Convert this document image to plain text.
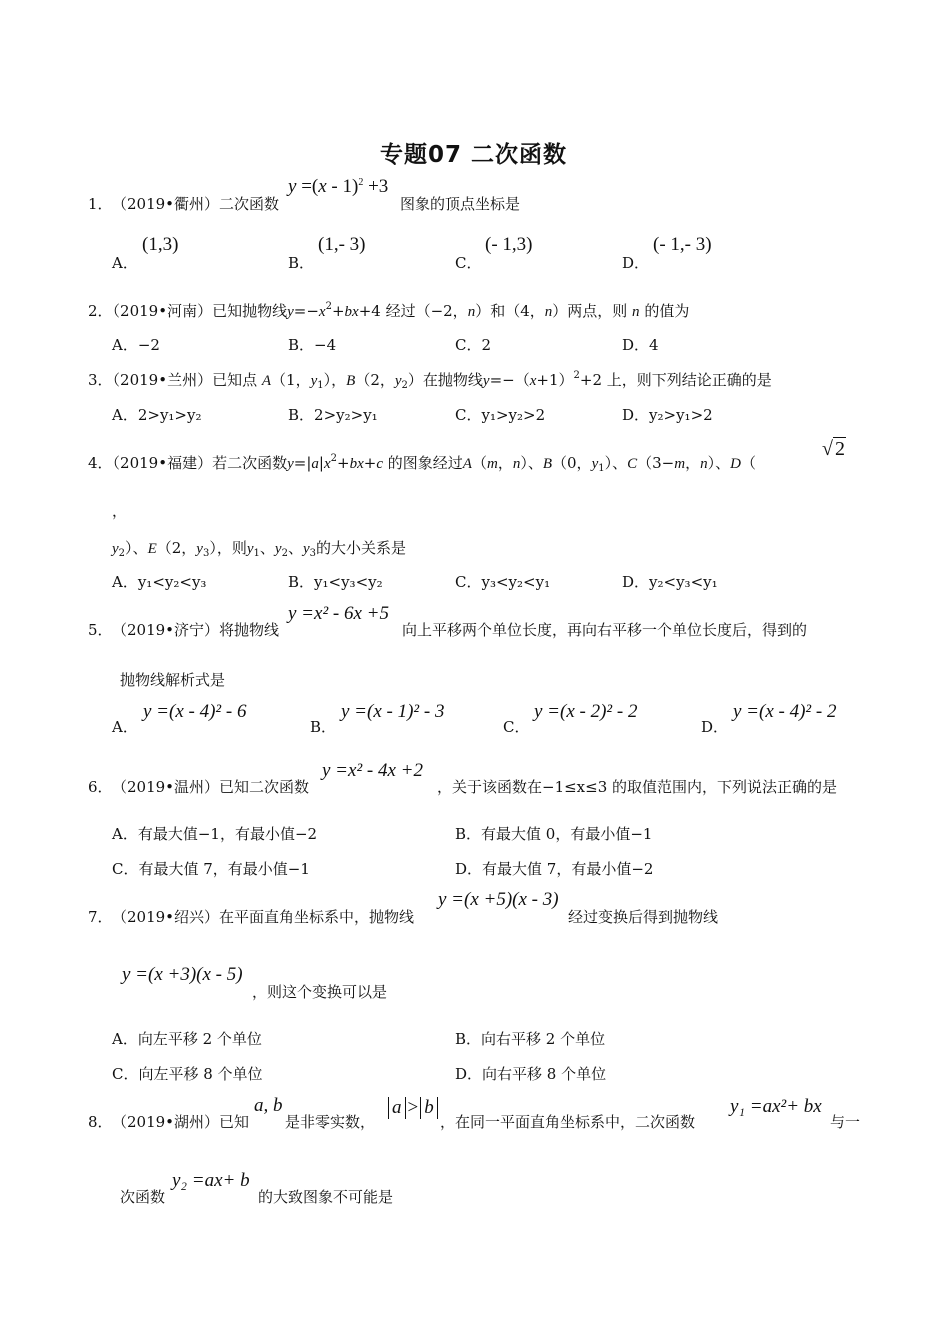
专题07 二次函数
1． （2019•衢州）二次函数
y =(x - 1)$^2$ +3
图象的顶点坐标是
A．
(1,3)
B．
(1,- 3)
C．
(- 1,3)
D．
(- 1,- 3)
2．（2019•河南）已知抛物线$y=-x^2+bx+4$ 经过（−2，n）和（4，n）两点，则 n 的值为
A．−2	B．−4	C．2	D．4
3．（2019•兰州）已知点 A（1，$y_1$），B（2，$y_2$）在抛物线$y=-(x+1)^2+2$ 上，则下列结论正确的是
A．2>y₁>y₂	B．2>y₂>y₁	C．y₁>y₂>2	D．y₂>y₁>2
4．（2019•福建）若二次函数$y=|a|x^2+bx+c$ 的图象经过A（m，n）、B（0，$y_1$）、C（3−m，n）、D（
√ 2
，
$y_2$）、E（2，$y_3$），则$y_1$、$y_2$、$y_3$的大小关系是
A．y₁<y₂<y₃	B．y₁<y₃<y₂	C．y₃<y₂<y₁	D．y₂<y₃<y₁
5． （2019•济宁）将抛物线
y =x² - 6x +5
向上平移两个单位长度，再向右平移一个单位长度后，得到的
抛物线解析式是
A．
y =(x - 4)² - 6
B．
y =(x - 1)² - 3
C．
y =(x - 2)² - 2
D．
y =(x - 4)² - 2
6． （2019•温州）已知二次函数
y =x² - 4x +2
，关于该函数在−1≤x≤3 的取值范围内，下列说法正确的是
A．有最大值−1，有最小值−2	B．有最大值 0，有最小值−1
C．有最大值 7，有最小值−1	D．有最大值 7，有最小值−2
7． （2019•绍兴）在平面直角坐标系中，抛物线
y =(x +5)(x - 3)
经过变换后得到抛物线
y =(x +3)(x - 5)
，则这个变换可以是
A．向左平移 2 个单位	B．向右平移 2 个单位
C．向左平移 8 个单位	D．向右平移 8 个单位
8． （2019•湖州）已知
a, b
是非零实数，
a > b
，在同一平面直角坐标系中，二次函数
y₁ =ax²+ bx
与一
次函数
y₂ =ax+ b
的大致图象不可能是
